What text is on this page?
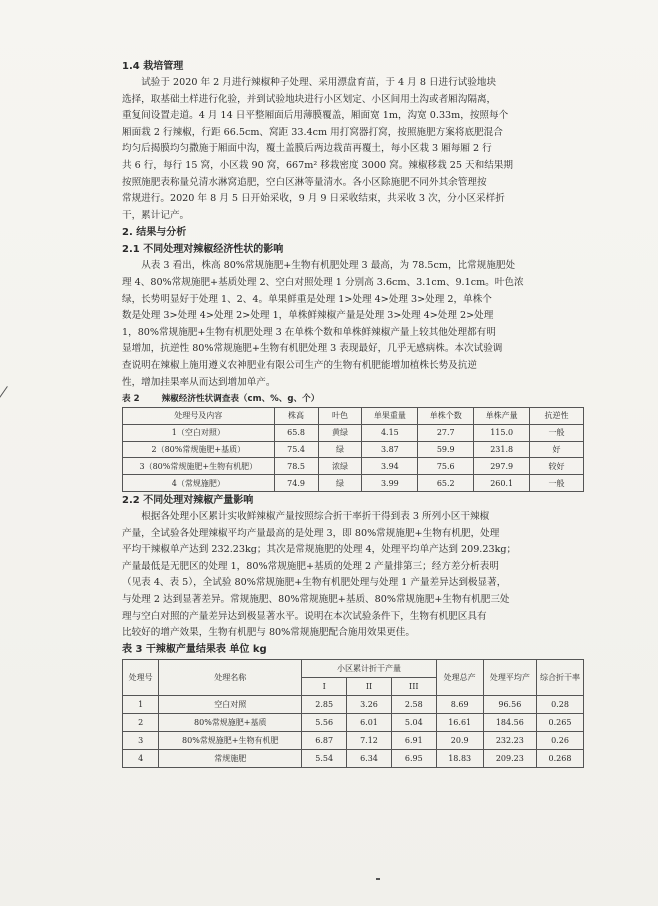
1.4 栽培管理

试验于 2020 年 2 月进行辣椒种子处理、采用漂盘育苗，于 4 月 8 日进行试验地块

选择，取基础土样进行化验，并到试验地块进行小区划定、小区间用土沟或者厢沟隔离，

重复间设置走道。4 月 14 日平整厢面后用薄膜覆盖，厢面宽 1m，沟宽 0.33m，按照每个

厢面栽 2 行辣椒，行距 66.5cm、窝距 33.4cm 用打窝器打窝，按照施肥方案将底肥混合

均匀后揭膜均匀撒施于厢面中沟，覆土盖膜后两边栽苗再覆土，每小区栽 3 厢每厢 2 行

共 6 行，每行 15 窝，小区栽 90 窝，667m² 移栽密度 3000 窝。辣椒移栽 25 天和结果期

按照施肥表称量兑清水淋窝追肥，空白区淋等量清水。各小区除施肥不同外其余管理按

常规进行。2020 年 8 月 5 日开始采收，9 月 9 日采收结束，共采收 3 次，分小区采样折

干，累计记产。

2. 结果与分析

2.1 不同处理对辣椒经济性状的影响

从表 3 看出，株高 80%常规施肥+生物有机肥处理 3 最高，为 78.5cm，比常规施肥处

理 4、80%常规施肥+基质处理 2、空白对照处理 1 分别高 3.6cm、3.1cm、9.1cm。叶色浓

绿，长势明显好于处理 1、2、4。单果鲜重是处理 1>处理 4>处理 3>处理 2，单株个

数是处理 3>处理 4>处理 2>处理 1，单株鲜辣椒产量是处理 3>处理 4>处理 2>处理

1，80%常规施肥+生物有机肥处理 3 在单株个数和单株鲜辣椒产量上较其他处理都有明

显增加，抗逆性 80%常规施肥+生物有机肥处理 3 表现最好，几乎无感病株。本次试验调

查说明在辣椒上施用遵义农神肥业有限公司生产的生物有机肥能增加植株长势及抗逆

性，增加挂果率从而达到增加单产。

表 2	辣椒经济性状调查表（cm、%、g、个）

处理号及内容	株高	叶色	单果重量	单株个数	单株产量	抗逆性
1（空白对照）	65.8	黄绿	4.15	27.7	115.0	一般
2（80%常规施肥+基质）	75.4	绿	3.87	59.9	231.8	好
3（80%常规施肥+生物有机肥）	78.5	浓绿	3.94	75.6	297.9	较好
4（常规施肥）	74.9	绿	3.99	65.2	260.1	一般

2.2 不同处理对辣椒产量影响

根据各处理小区累计实收鲜辣椒产量按照综合折干率折干得到表 3 所列小区干辣椒

产量，全试验各处理辣椒平均产量最高的是处理 3，即 80%常规施肥+生物有机肥，处理

平均干辣椒单产达到 232.23kg；其次是常规施肥的处理 4，处理平均单产达到 209.23kg；

产量最低是无肥区的处理 1，80%常规施肥+基质的处理 2 产量排第三；经方差分析表明

（见表 4、表 5），全试验 80%常规施肥+生物有机肥处理与处理 1 产量差异达到极显著，

与处理 2 达到显著差异。常规施肥、80%常规施肥+基质、80%常规施肥+生物有机肥三处

理与空白对照的产量差异达到极显著水平。说明在本次试验条件下，生物有机肥区具有

比较好的增产效果，生物有机肥与 80%常规施肥配合施用效果更佳。

表 3 干辣椒产量结果表 单位 kg

处理号	处理名称	小区累计折干产量			处理总产	处理平均产	综合折干率
		I	II	III			
1	空白对照	2.85	3.26	2.58	8.69	96.56	0.28
2	80%常规施肥+基质	5.56	6.01	5.04	16.61	184.56	0.265
3	80%常规施肥+生物有机肥	6.87	7.12	6.91	20.9	232.23	0.26
4	常规施肥	5.54	6.34	6.95	18.83	209.23	0.268
